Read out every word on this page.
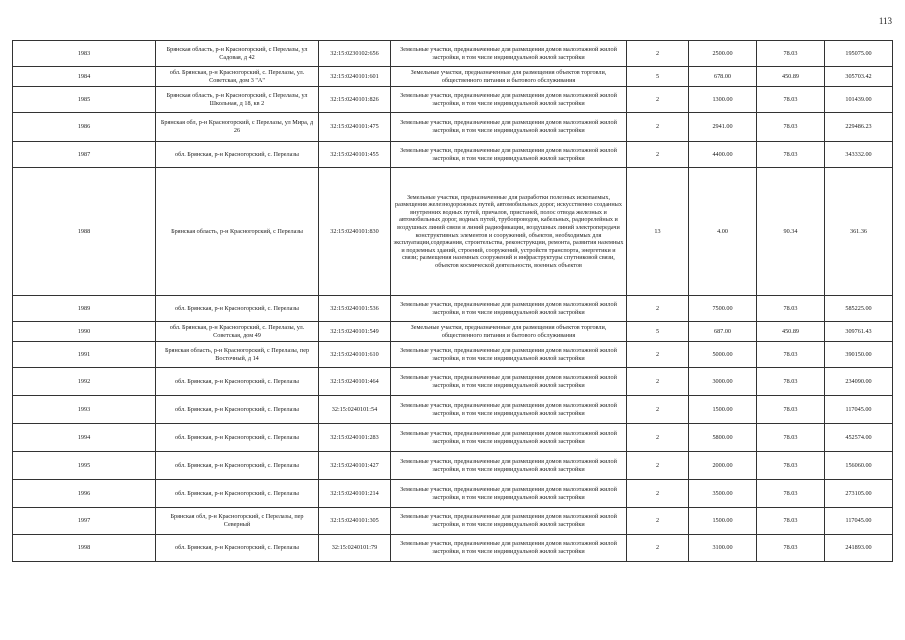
113
1983	Брянская область, р-н Красногорский, с Перелазы, ул Садовая, д 42	32:15:0230102:656	Земельные участки, предназначенные для размещения домов малоэтажной жилой застройки, в том числе индивидуальной жилой застройки	2	2500.00	78.03	195075.00
1984	обл. Брянская, р-н Красногорский, с. Перелазы, ул. Советская, дом 3 "А"	32:15:0240101:601	Земельные участки, предназначенные для размещения объектов торговли, общественного питания и бытового обслуживания	5	678.00	450.89	305703.42
1985	Брянская область, р-н Красногорский, с Перелазы, ул Школьная, д 18, кв 2	32:15:0240101:826	Земельные участки, предназначенные для размещения домов малоэтажной жилой застройки, в том числе индивидуальной жилой застройки	2	1300.00	78.03	101439.00
1986	Брянская обл, р-н Красногорский, с Перелазы, ул Мира, д 26	32:15:0240101:475	Земельные участки, предназначенные для размещения домов малоэтажной жилой застройки, в том числе индивидуальной жилой застройки	2	2941.00	78.03	229486.23
1987	обл. Брянская, р-н Красногорский, с. Перелазы	32:15:0240101:455	Земельные участки, предназначенные для размещения домов малоэтажной жилой застройки, в том числе индивидуальной жилой застройки	2	4400.00	78.03	343332.00
1988	Брянская область, р-н Красногорский, с Перелазы	32:15:0240101:830	Земельные участки, предназначенные для разработки полезных ископаемых, размещения железнодорожных путей, автомобильных дорог, искусственно созданных внутренних водных путей, причалов, пристаней, полос отвода железных и автомобильных дорог, водных путей, трубопроводов, кабельных, радиорелейных и воздушных линий связи и линий радиофикации, воздушных линий электропередачи конструктивных элементов и сооружений, объектов, необходимых для эксплуатации,содержания, строительства, реконструкции, ремонта, развития наземных и подземных зданий, строений, сооружений, устройств транспорта, энергетики и связи; размещения наземных сооружений и инфраструктуры спутниковой связи, объектов космической деятельности, военных объектов	13	4.00	90.34	361.36
1989	обл. Брянская, р-н Красногорский, с. Перелазы	32:15:0240101:536	Земельные участки, предназначенные для размещения домов малоэтажной жилой застройки, в том числе индивидуальной жилой застройки	2	7500.00	78.03	585225.00
1990	обл. Брянская, р-н Красногорский, с. Перелазы, ул. Советская, дом 49	32:15:0240101:549	Земельные участки, предназначенные для размещения объектов торговли, общественного питания и бытового обслуживания	5	687.00	450.89	309761.43
1991	Брянская область, р-н Красногорский, с Перелазы, пер Восточный, д 14	32:15:0240101:610	Земельные участки, предназначенные для размещения домов малоэтажной жилой застройки, в том числе индивидуальной жилой застройки	2	5000.00	78.03	390150.00
1992	обл. Брянская, р-н Красногорский, с. Перелазы	32:15:0240101:464	Земельные участки, предназначенные для размещения домов малоэтажной жилой застройки, в том числе индивидуальной жилой застройки	2	3000.00	78.03	234090.00
1993	обл. Брянская, р-н Красногорский, с. Перелазы	32:15:0240101:54	Земельные участки, предназначенные для размещения домов малоэтажной жилой застройки, в том числе индивидуальной жилой застройки	2	1500.00	78.03	117045.00
1994	обл. Брянская, р-н Красногорский, с. Перелазы	32:15:0240101:283	Земельные участки, предназначенные для размещения домов малоэтажной жилой застройки, в том числе индивидуальной жилой застройки	2	5800.00	78.03	452574.00
1995	обл. Брянская, р-н Красногорский, с. Перелазы	32:15:0240101:427	Земельные участки, предназначенные для размещения домов малоэтажной жилой застройки, в том числе индивидуальной жилой застройки	2	2000.00	78.03	156060.00
1996	обл. Брянская, р-н Красногорский, с. Перелазы	32:15:0240101:214	Земельные участки, предназначенные для размещения домов малоэтажной жилой застройки, в том числе индивидуальной жилой застройки	2	3500.00	78.03	273105.00
1997	Брянская обл, р-н Красногорский, с Перелазы, пер Северный	32:15:0240101:305	Земельные участки, предназначенные для размещения домов малоэтажной жилой застройки, в том числе индивидуальной жилой застройки	2	1500.00	78.03	117045.00
1998	обл. Брянская, р-н Красногорский, с. Перелазы	32:15:0240101:79	Земельные участки, предназначенные для размещения домов малоэтажной жилой застройки, в том числе индивидуальной жилой застройки	2	3100.00	78.03	241893.00
